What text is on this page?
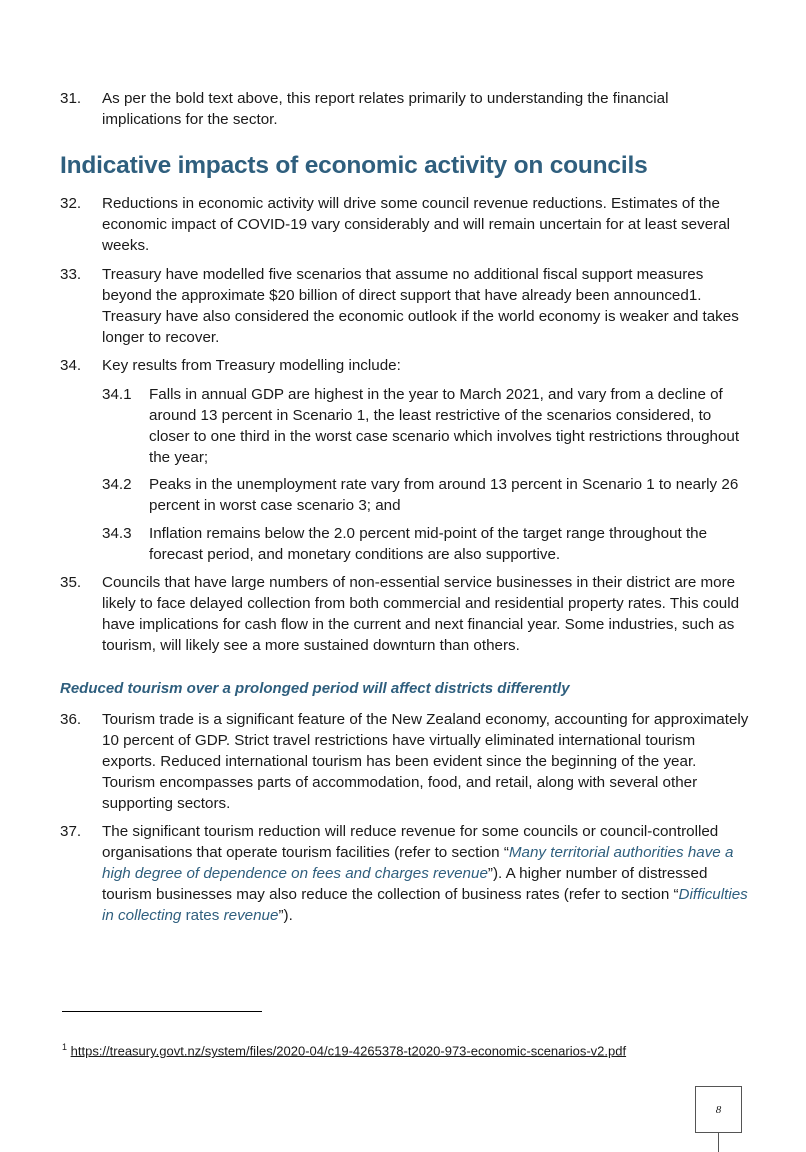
31. As per the bold text above, this report relates primarily to understanding the financial implications for the sector.
Indicative impacts of economic activity on councils
32. Reductions in economic activity will drive some council revenue reductions. Estimates of the economic impact of COVID-19 vary considerably and will remain uncertain for at least several weeks.
33. Treasury have modelled five scenarios that assume no additional fiscal support measures beyond the approximate $20 billion of direct support that have already been announced1. Treasury have also considered the economic outlook if the world economy is weaker and takes longer to recover.
34. Key results from Treasury modelling include:
34.1 Falls in annual GDP are highest in the year to March 2021, and vary from a decline of around 13 percent in Scenario 1, the least restrictive of the scenarios considered, to closer to one third in the worst case scenario which involves tight restrictions throughout the year;
34.2 Peaks in the unemployment rate vary from around 13 percent in Scenario 1 to nearly 26 percent in worst case scenario 3; and
34.3 Inflation remains below the 2.0 percent mid-point of the target range throughout the forecast period, and monetary conditions are also supportive.
35. Councils that have large numbers of non-essential service businesses in their district are more likely to face delayed collection from both commercial and residential property rates. This could have implications for cash flow in the current and next financial year. Some industries, such as tourism, will likely see a more sustained downturn than others.
Reduced tourism over a prolonged period will affect districts differently
36. Tourism trade is a significant feature of the New Zealand economy, accounting for approximately 10 percent of GDP. Strict travel restrictions have virtually eliminated international tourism exports. Reduced international tourism has been evident since the beginning of the year. Tourism encompasses parts of accommodation, food, and retail, along with several other supporting sectors.
37. The significant tourism reduction will reduce revenue for some councils or council-controlled organisations that operate tourism facilities (refer to section “Many territorial authorities have a high degree of dependence on fees and charges revenue”). A higher number of distressed tourism businesses may also reduce the collection of business rates (refer to section “Difficulties in collecting rates revenue”).
$^1$ https://treasury.govt.nz/system/files/2020-04/c19-4265378-t2020-973-economic-scenarios-v2.pdf
8
